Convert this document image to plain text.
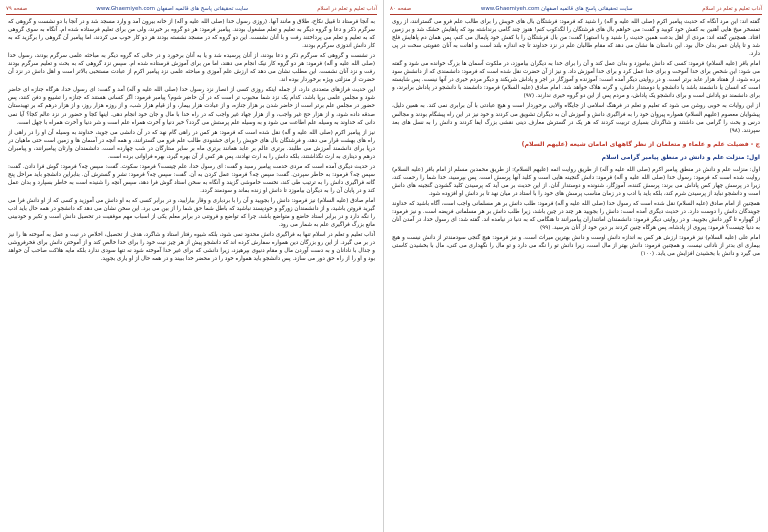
آداب تعلیم و تعلم در اسلام
سایت تحقیقاتی پاسخ های قائمیه اصفهان www.Ghaemiyeh.com
صفحه ۷۹

به آنجا فرستاد تا قبیل نکاح، طلاق و مانند آنها. (روزی رسول خدا (صلی الله علیه و آله) از خانه بیرون آمد و وارد مسجد شد و در آنجا با دو نشست و گروهی که سرگرم ذکر و دعا و گروه دیگر به تعلیم و تعلم مشغول بودند. پیامبر فرمود: هر دو گروه بر خیرند، ولی من برای تعلیم فرستاده شده ام. آنگاه به سوی گروهی که به تعلیم و تعلم می پرداختند رفت و با آنان نشست. این دو گروه که در مسجد نشسته بودند هر دو کار خوب می کردند، اما پیامبر آن گروهی را برگزید که به کار دانش اندوزی سرگرم بودند.

در نشست و گروهی که سرگرم ذکر و دعا بودند، از آنان پرسیده شد و یا به آنان برخورد و در حالی که گروه دیگر به مباحثه علمی سرگرم بودند، رسول خدا (صلی الله علیه و آله) فرمود: هر دو گروه کار نیک انجام می دهند، اما من برای آموزش فرستاده شده ام. سپس نزد گروهی که به بحث و تعلیم سرگرم بودند رفت و نزد آنان نشست. این مطلب نشان می دهد که ارزش علم آموزی و مباحثه علمی نزد پیامبر اکرم از عبادت مستحبی بالاتر است و اهل دانش در نزد آن حضرت از منزلتی ویژه برخوردار بوده اند.

این حدیث فرازهای متعددی دارد، از جمله اینکه روزی کسی از انصار نزد رسول خدا (صلی الله علیه و آله) آمد و گفت: ای رسول خدا، هرگاه جنازه ای حاضر شود و مجلس علمی برپا باشد، کدام یک نزد شما محبوب تر است که در آن حاضر شوم؟ پیامبر فرمود: اگر کسانی هستند که جنازه را تشییع و دفن کنند، پس حضور در مجلس علم برتر است از حاضر شدن بر هزار جنازه، و از عیادت هزار بیمار، و از قیام هزار شب، و از روزه هزار روز، و از هزار درهم که بر تهیدستان صدقه داده شود، و از هزار حج غیر واجب، و از هزار جهاد غیر واجب که در راه خدا با مال و جان خود انجام دهی. اینها کجا و حضور در نزد عالم کجا؟ آیا نمی دانی که خداوند به وسیله علم اطاعت می شود و به وسیله علم پرستش می گردد؟ خیر دنیا و آخرت همراه علم است و شر دنیا و آخرت همراه با جهل است.

نیز از پیامبر اکرم (صلی الله علیه و آله) نقل شده است که فرمود: هر کس در راهی گام نهد که در آن دانشی می جوید، خداوند به وسیله آن او را در راهی از راه های بهشت قرار می دهد، و فرشتگان بال های خویش را برای خشنودی طالب علم فرو می گسترانند، و همه آنچه در آسمان ها و زمین است حتی ماهیان در دریا برای دانشمند آمرزش می طلبند. برتری عالم بر عابد همانند برتری ماه بر سایر ستارگان در شب چهارده است. دانشمندان وارثان پیامبرانند، و پیامبران درهم و دیناری به ارث نگذاشتند، بلکه دانش را به ارث نهادند، پس هر کس از آن بهره گیرد، بهره فراوانی برده است.

در حدیث دیگری آمده است که مردی خدمت پیامبر رسید و گفت: ای رسول خدا، علم چیست؟ فرمود: سکوت. گفت: سپس چه؟ فرمود: گوش فرا دادن. گفت: سپس چه؟ فرمود: به خاطر سپردن. گفت: سپس چه؟ فرمود: عمل کردن به آن. گفت: سپس چه؟ فرمود: نشر و گسترش آن. بنابراین دانشجو باید مراحل پنج گانه فراگیری دانش را به ترتیب طی کند، نخست خاموشی گزیند و آنگاه به سخن استاد گوش فرا دهد، سپس آنچه را شنیده است به خاطر بسپارد و بدان عمل کند و در پایان آن را به دیگران بیاموزد تا دانش او زنده بماند و سودمند گردد.

امام صادق (علیه السلام) نیز فرمود: دانش را بجویید و آن را با بردباری و وقار بیارایید، و در برابر کسی که به او دانش می آموزید و کسی که از او دانش فرا می گیرید فروتن باشید، و از دانشمندان زورگو و خودپسند نباشید که باطل شما حق شما را از بین می برد. این سخن نشان می دهد که دانشجو در همه حال باید ادب را نگه دارد و در برابر استاد خاضع و متواضع باشد، چرا که تواضع و فروتنی در برابر معلم یکی از اسباب مهم موفقیت در تحصیل دانش است و تکبر و خودبینی مانع بزرگ فراگیری علم به شمار می رود.

آداب تعلیم و تعلم در اسلام تنها به فراگیری دانش محدود نمی شود، بلکه شیوه رفتار استاد و شاگرد، هدف از تحصیل، اخلاص در نیت و عمل به آموخته ها را نیز در بر می گیرد. از این رو بزرگان دین همواره سفارش کرده اند که دانشجو پیش از هر چیز نیت خود را برای خدا خالص کند و از آموختن دانش برای فخرفروشی و جدال با نادانان و به دست آوردن مال و مقام دنیوی بپرهیزد، زیرا دانشی که برای غیر خدا آموخته شود نه تنها سودی ندارد بلکه مایه هلاکت صاحب آن خواهد بود و او را از راه حق دور می سازد. پس دانشجو باید همواره خود را در محضر خدا ببیند و در همه حال از او یاری بجوید.

آداب تعلیم و تعلم در اسلام
سایت تحقیقاتی پاسخ های قائمیه اصفهان www.Ghaemiyeh.com
صفحه ۸۰

گفته اند: این مرد آنگاه که حدیث پیامبر اکرم (صلی الله علیه و آله) را شنید که فرمود: فرشتگان بال های خویش را برای طالب علم فرو می گسترانند، از روی تمسخر میخ هایی آهنین به کفش خود کوبید و گفت: می خواهم بال های فرشتگان را لگدکوب کنم! هنوز چند گامی برنداشته بود که پاهایش خشک شد و بر زمین افتاد. همچنین گفته اند: مردی از اهل بدعت همین حدیث را شنید و با استهزا گفت: من بال فرشتگان را با کفش خود پایمال می کنم، پس همان دم پاهایش فلج شد و تا پایان عمر بدان حال بود. این داستان ها نشان می دهد که مقام طالبان علم در نزد خداوند تا چه اندازه بلند است و اهانت به آنان عقوبتی سخت در پی دارد.

امام باقر (علیه السلام) فرمود: کسی که دانش بیاموزد و بدان عمل کند و آن را برای خدا به دیگران بیاموزد، در ملکوت آسمان ها بزرگ خوانده می شود و گفته می شود: این شخص برای خدا آموخت و برای خدا عمل کرد و برای خدا آموزش داد. و نیز از آن حضرت نقل شده است که فرمود: دانشمندی که از دانشش سود برده شود، از هفتاد هزار عابد برتر است. و در روایتی دیگر آمده است: آموزنده و آموزگار در اجر و پاداش شریکند و دیگر مردم خیری در آنها نیست. پس شایسته است که انسان یا دانشمند باشد یا دانشجو یا دوستدار دانش، و گرنه هلاک خواهد شد. امام صادق (علیه السلام) فرمود: دانشمند با دانشجو در پاداش برابرند، و برای دانشمند دو پاداش است و برای دانشجو یک پاداش، و مردم پس از این دو گروه خیری ندارند. (۹۷)

از این روایات به خوبی روشن می شود که تعلیم و تعلم در فرهنگ اسلامی از جایگاه والایی برخوردار است و هیچ عبادتی با آن برابری نمی کند. به همین دلیل، پیشوایان معصوم (علیهم السلام) همواره پیروان خود را به فراگیری دانش و آموزش آن به دیگران تشویق می کردند و خود نیز در این راه پیشگام بودند و مجالس درس و بحث را گرامی می داشتند و شاگردان بسیاری تربیت کردند که هر یک در گسترش معارف دینی نقشی بزرگ ایفا کردند و دانش را به نسل های بعد سپردند. (۹۸)

ج - فضیلت علم و علماء و متعلمان از نظر گاههای امامان شیعه (علیهم السلام)
اول: منزلت علم و دانش در منطق پیامبر گرامی اسلام

اول: منزلت علم و دانش در منطق پیامبر اکرم (صلی الله علیه و آله) از طریق روایت ائمه (علیهم السلام): از طریق محمدبن مسلم از امام باقر (علیه السلام) روایت شده است که فرمود: رسول خدا (صلی الله علیه و آله) فرمود: دانش گنجینه هایی است و کلید آنها پرسش است. پس بپرسید، خدا شما را رحمت کند، زیرا در پرسش چهار کس پاداش می برند: پرسش کننده، آموزگار، شنونده و دوستدار آنان. از این حدیث بر می آید که پرسیدن کلید گشودن گنجینه های دانش است و دانشجو نباید از پرسیدن شرم کند، بلکه باید با ادب و در زمان مناسب پرسش های خود را با استاد در میان نهد تا بر دانش او افزوده شود.

همچنین از امام صادق (علیه السلام) نقل شده است که رسول خدا (صلی الله علیه و آله) فرمود: طلب دانش بر هر مسلمانی واجب است، آگاه باشید که خداوند جویندگان دانش را دوست دارد. در حدیث دیگری آمده است: دانش را بجویید هر چند در چین باشد، زیرا طلب دانش بر هر مسلمانی فریضه است. و نیز فرمود: از گهواره تا گور دانش بجویید. و در روایتی دیگر فرمود: دانشمندان امانتداران پیامبرانند تا هنگامی که به دنیا در نیامده اند. گفته شد: ای رسول خدا، در آمدن آنان به دنیا چیست؟ فرمود: پیروی از پادشاه، پس هرگاه چنین کردند بر دین خود از آنان بترسید. (۹۹)

امام علی (علیه السلام) نیز فرمود: ارزش هر کس به اندازه دانش اوست و دانش بهترین میراث است. و نیز فرمود: هیچ گنجی سودمندتر از دانش نیست و هیچ بیماری ای بدتر از نادانی نیست. و همچنین فرمود: دانش بهتر از مال است، زیرا دانش تو را نگه می دارد و تو مال را نگهداری می کنی، مال با بخشیدن کاستی می گیرد و دانش با بخشیدن افزایش می یابد. (۱۰۰)
